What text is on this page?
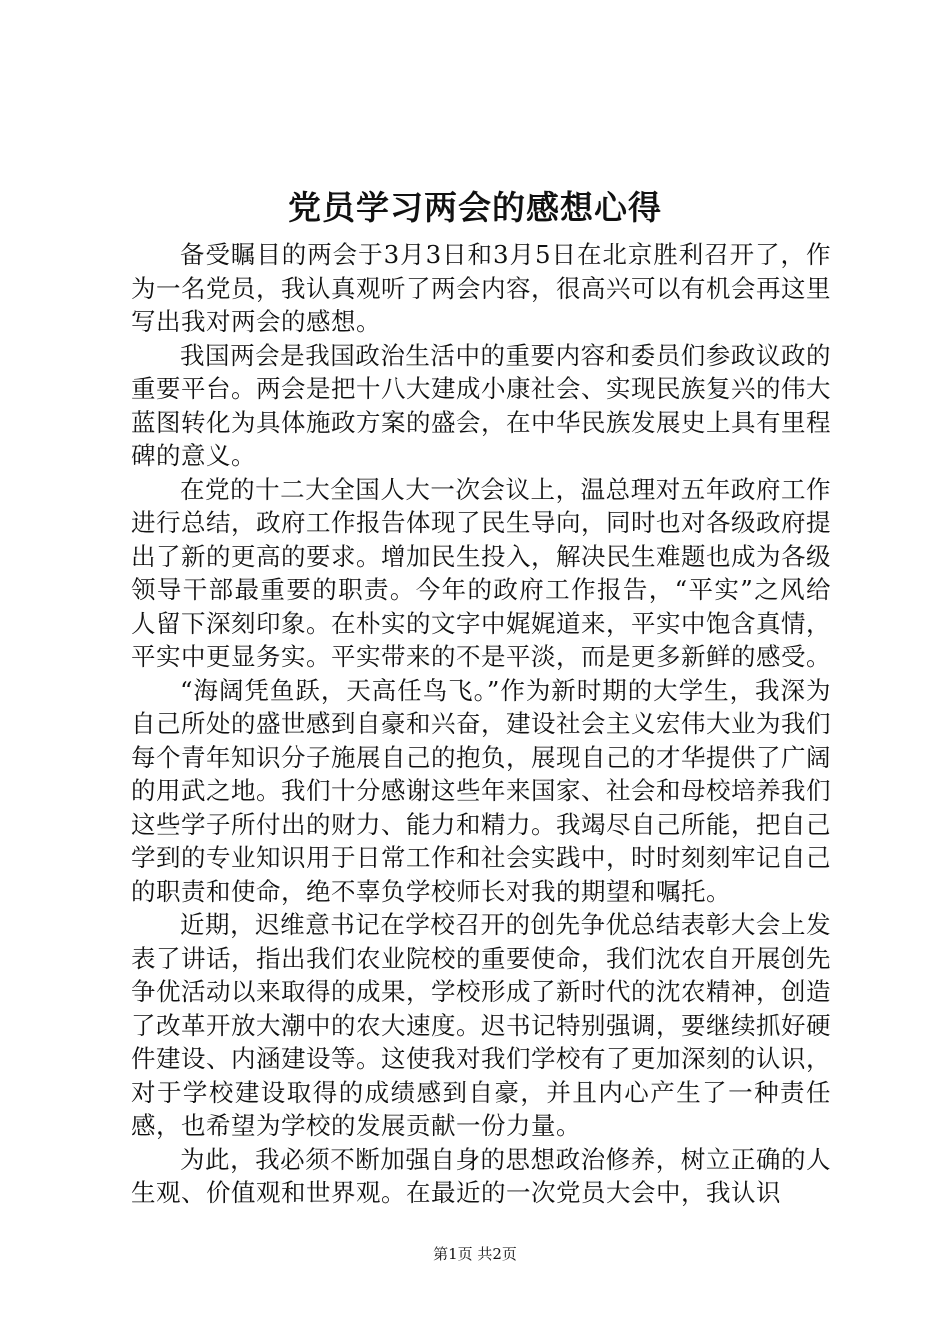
党员学习两会的感想心得

备受瞩目的两会于3月3日和3月5日在北京胜利召开了，作为一名党员，我认真观听了两会内容，很高兴可以有机会再这里写出我对两会的感想。

我国两会是我国政治生活中的重要内容和委员们参政议政的重要平台。两会是把十八大建成小康社会、实现民族复兴的伟大蓝图转化为具体施政方案的盛会，在中华民族发展史上具有里程碑的意义。

在党的十二大全国人大一次会议上，温总理对五年政府工作进行总结，政府工作报告体现了民生导向，同时也对各级政府提出了新的更高的要求。增加民生投入，解决民生难题也成为各级领导干部最重要的职责。今年的政府工作报告，“平实”之风给人留下深刻印象。在朴实的文字中娓娓道来，平实中饱含真情，平实中更显务实。平实带来的不是平淡，而是更多新鲜的感受。

“海阔凭鱼跃，天高任鸟飞。”作为新时期的大学生，我深为自己所处的盛世感到自豪和兴奋，建设社会主义宏伟大业为我们每个青年知识分子施展自己的抱负，展现自己的才华提供了广阔的用武之地。我们十分感谢这些年来国家、社会和母校培养我们这些学子所付出的财力、能力和精力。我竭尽自己所能，把自己学到的专业知识用于日常工作和社会实践中，时时刻刻牢记自己的职责和使命，绝不辜负学校师长对我的期望和嘱托。

近期，迟维意书记在学校召开的创先争优总结表彰大会上发表了讲话，指出我们农业院校的重要使命，我们沈农自开展创先争优活动以来取得的成果，学校形成了新时代的沈农精神，创造了改革开放大潮中的农大速度。迟书记特别强调，要继续抓好硬件建设、内涵建设等。这使我对我们学校有了更加深刻的认识，对于学校建设取得的成绩感到自豪，并且内心产生了一种责任感，也希望为学校的发展贡献一份力量。

为此，我必须不断加强自身的思想政治修养，树立正确的人生观、价值观和世界观。在最近的一次党员大会中，我认识

第1页 共2页
